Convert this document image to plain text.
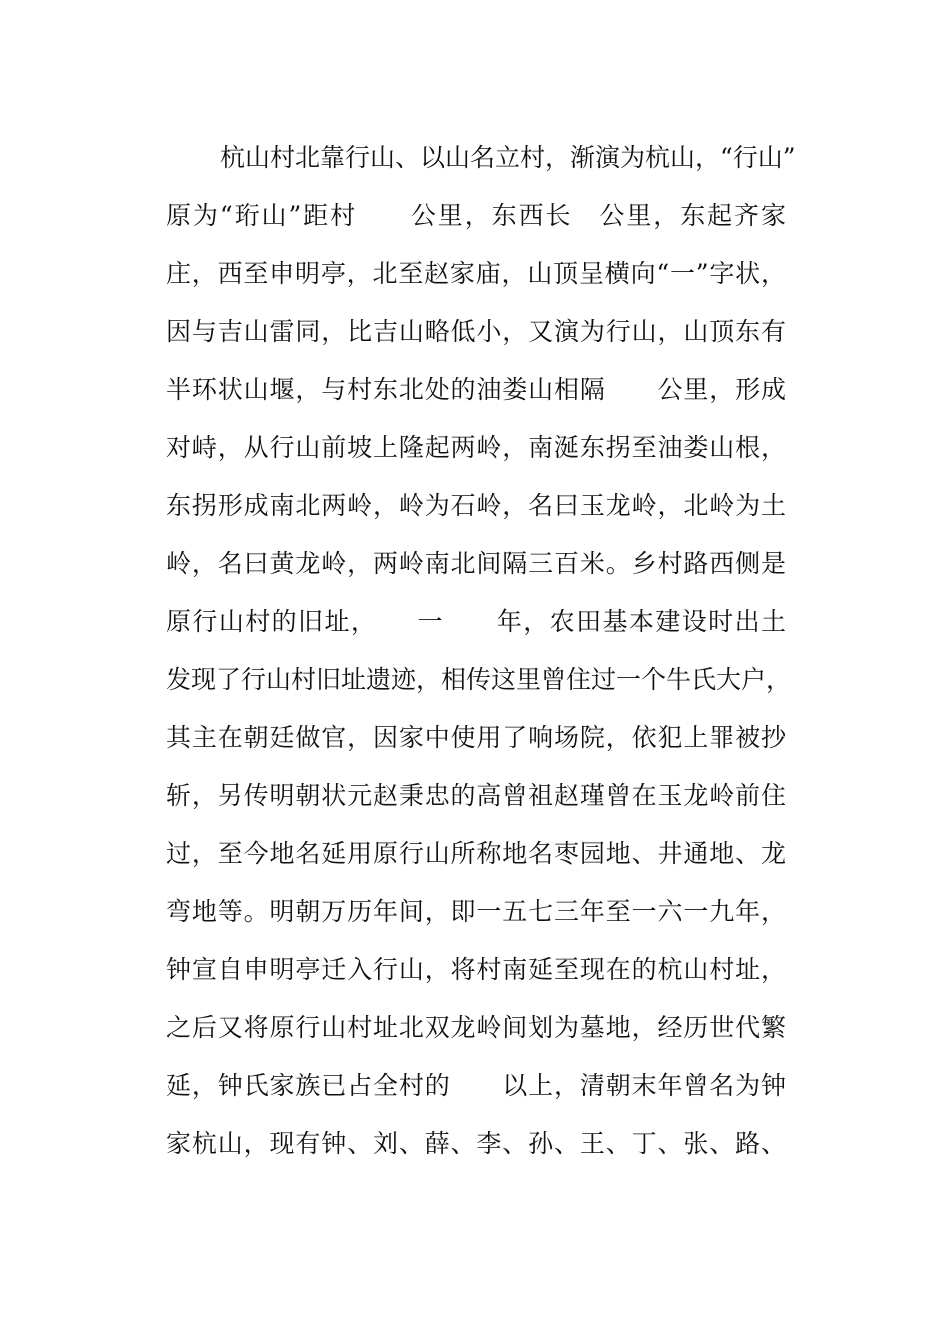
杭山村北靠行山、以山名立村，渐演为杭山，“行山”
原为“珩山”距村　　公里，东西长　公里，东起齐家
庄，西至申明亭，北至赵家庙，山顶呈横向“一”字状，
因与吉山雷同，比吉山略低小，又演为行山，山顶东有
半环状山堰，与村东北处的油娄山相隔　　公里，形成
对峙，从行山前坡上隆起两岭，南涎东拐至油娄山根，
东拐形成南北两岭，岭为石岭，名曰玉龙岭，北岭为土
岭，名曰黄龙岭，两岭南北间隔三百米。乡村路西侧是
原行山村的旧址，　　一　　年，农田基本建设时出土
发现了行山村旧址遗迹，相传这里曾住过一个牛氏大户，
其主在朝廷做官，因家中使用了响场院，依犯上罪被抄
斩，另传明朝状元赵秉忠的高曾祖赵瑾曾在玉龙岭前住
过，至今地名延用原行山所称地名枣园地、井通地、龙
弯地等。明朝万历年间，即一五七三年至一六一九年，
钟宣自申明亭迁入行山，将村南延至现在的杭山村址，
之后又将原行山村址北双龙岭间划为墓地，经历世代繁
延，钟氏家族已占全村的　　以上，清朝末年曾名为钟
家杭山，现有钟、刘、薛、李、孙、王、丁、张、路、
